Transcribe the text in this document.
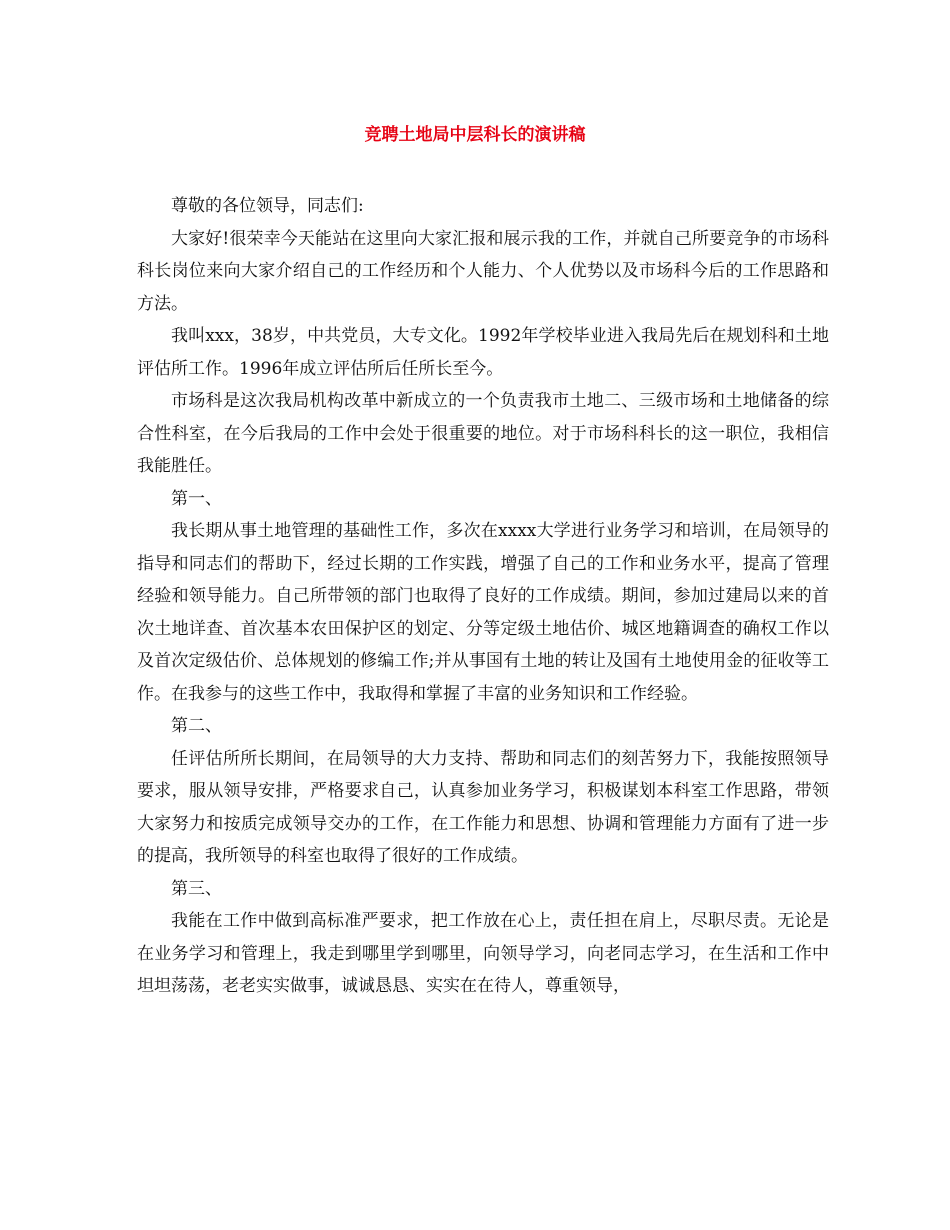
竞聘土地局中层科长的演讲稿

尊敬的各位领导，同志们:

大家好!很荣幸今天能站在这里向大家汇报和展示我的工作，并就自己所要竞争的市场科科长岗位来向大家介绍自己的工作经历和个人能力、个人优势以及市场科今后的工作思路和方法。

我叫xxx，38岁，中共党员，大专文化。1992年学校毕业进入我局先后在规划科和土地评估所工作。1996年成立评估所后任所长至今。

市场科是这次我局机构改革中新成立的一个负责我市土地二、三级市场和土地储备的综合性科室，在今后我局的工作中会处于很重要的地位。对于市场科科长的这一职位，我相信我能胜任。

第一、

我长期从事土地管理的基础性工作，多次在xxxx大学进行业务学习和培训，在局领导的指导和同志们的帮助下，经过长期的工作实践，增强了自己的工作和业务水平，提高了管理经验和领导能力。自己所带领的部门也取得了良好的工作成绩。期间，参加过建局以来的首次土地详查、首次基本农田保护区的划定、分等定级土地估价、城区地籍调查的确权工作以及首次定级估价、总体规划的修编工作;并从事国有土地的转让及国有土地使用金的征收等工作。在我参与的这些工作中，我取得和掌握了丰富的业务知识和工作经验。

第二、

任评估所所长期间，在局领导的大力支持、帮助和同志们的刻苦努力下，我能按照领导要求，服从领导安排，严格要求自己，认真参加业务学习，积极谋划本科室工作思路，带领大家努力和按质完成领导交办的工作，在工作能力和思想、协调和管理能力方面有了进一步的提高，我所领导的科室也取得了很好的工作成绩。

第三、

我能在工作中做到高标准严要求，把工作放在心上，责任担在肩上，尽职尽责。无论是在业务学习和管理上，我走到哪里学到哪里，向领导学习，向老同志学习，在生活和工作中坦坦荡荡，老老实实做事，诚诚恳恳、实实在在待人，尊重领导，
